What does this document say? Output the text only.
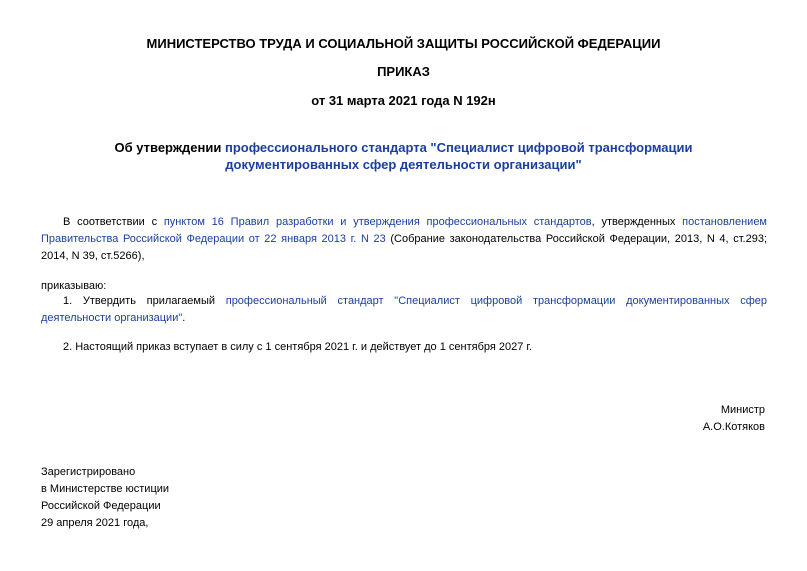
МИНИСТЕРСТВО ТРУДА И СОЦИАЛЬНОЙ ЗАЩИТЫ РОССИЙСКОЙ ФЕДЕРАЦИИ
ПРИКАЗ
от 31 марта 2021 года N 192н
Об утверждении профессионального стандарта "Специалист цифровой трансформации
документированных сфер деятельности организации"
В соответствии с пунктом 16 Правил разработки и утверждения профессиональных стандартов, утвержденных постановлением Правительства Российской Федерации от 22 января 2013 г. N 23 (Собрание законодательства Российской Федерации, 2013, N 4, ст.293; 2014, N 39, ст.5266),
приказываю:
1. Утвердить прилагаемый профессиональный стандарт "Специалист цифровой трансформации документированных сфер деятельности организации".
2. Настоящий приказ вступает в силу с 1 сентября 2021 г. и действует до 1 сентября 2027 г.
Министр
А.О.Котяков
Зарегистрировано
в Министерстве юстиции
Российской Федерации
29 апреля 2021 года,
